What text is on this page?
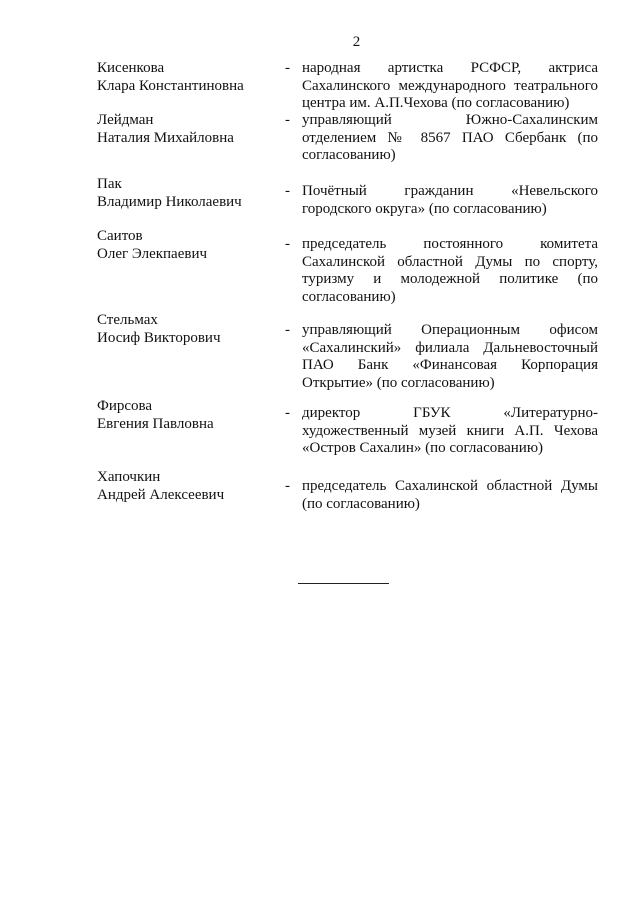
2
Кисенкова
Клара Константиновна
- народная артистка РСФСР, актриса Сахалинского международного театрального центра им. А.П.Чехова (по согласованию)
Лейдман
Наталия Михайловна
- управляющий Южно-Сахалинским отделением № 8567 ПАО Сбербанк (по согласованию)
Пак
Владимир Николаевич
- Почётный гражданин «Невельского городского округа» (по согласованию)
Саитов
Олег Элекпаевич
- председатель постоянного комитета Сахалинской областной Думы по спорту, туризму и молодежной политике (по согласованию)
Стельмах
Иосиф Викторович	- управляющий Операционным офисом «Сахалинский» филиала Дальневосточный ПАО Банк «Финансовая Корпорация Открытие» (по согласованию)
Фирсова
Евгения Павловна
- директор ГБУК «Литературно-художественный музей книги А.П. Чехова «Остров Сахалин» (по согласованию)
Хапочкин
Андрей Алексеевич
- председатель Сахалинской областной Думы (по согласованию)
